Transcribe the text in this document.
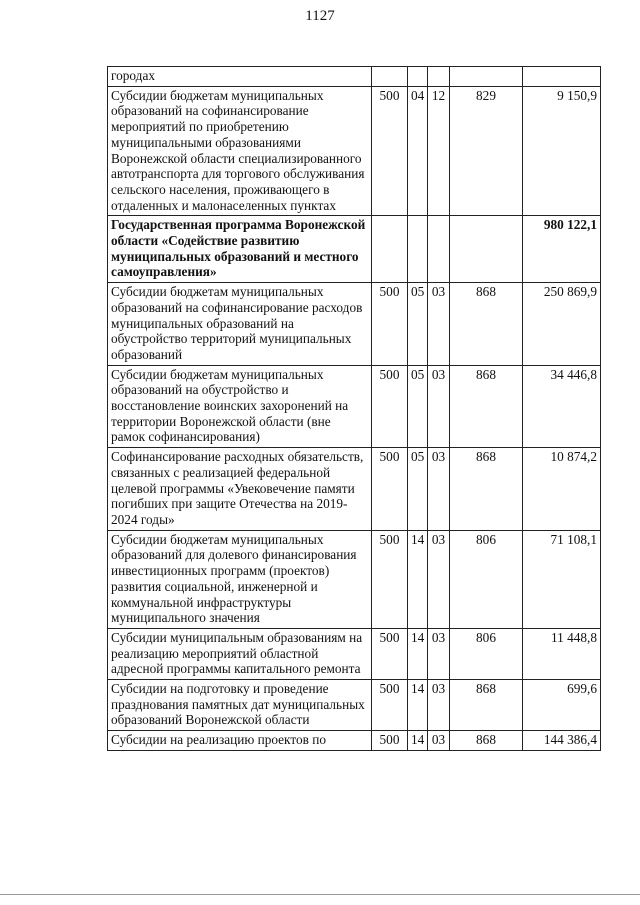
1127
городах					
Субсидии бюджетам муниципальных образований на софинансирование мероприятий по приобретению муниципальными образованиями Воронежской области специализированного автотранспорта для торгового обслуживания сельского населения, проживающего в отдаленных и малонаселенных пунктах	500	04	12	829	9 150,9
Государственная программа Воронежской области «Содействие развитию муниципальных образований и местного самоуправления»					980 122,1
Субсидии бюджетам муниципальных образований на софинансирование расходов муниципальных образований на обустройство территорий муниципальных образований	500	05	03	868	250 869,9
Субсидии бюджетам муниципальных образований на обустройство и восстановление воинских захоронений на территории Воронежской области (вне рамок софинансирования)	500	05	03	868	34 446,8
Софинансирование расходных обязательств, связанных с реализацией федеральной целевой программы «Увековечение памяти погибших при защите Отечества на 2019-2024 годы»	500	05	03	868	10 874,2
Субсидии бюджетам муниципальных образований для долевого финансирования инвестиционных программ (проектов) развития социальной, инженерной и коммунальной инфраструктуры муниципального значения	500	14	03	806	71 108,1
Субсидии муниципальным образованиям на реализацию мероприятий областной адресной программы капитального ремонта	500	14	03	806	11 448,8
Субсидии на подготовку и проведение празднования памятных дат муниципальных образований Воронежской области	500	14	03	868	699,6
Субсидии на реализацию проектов по	500	14	03	868	144 386,4
